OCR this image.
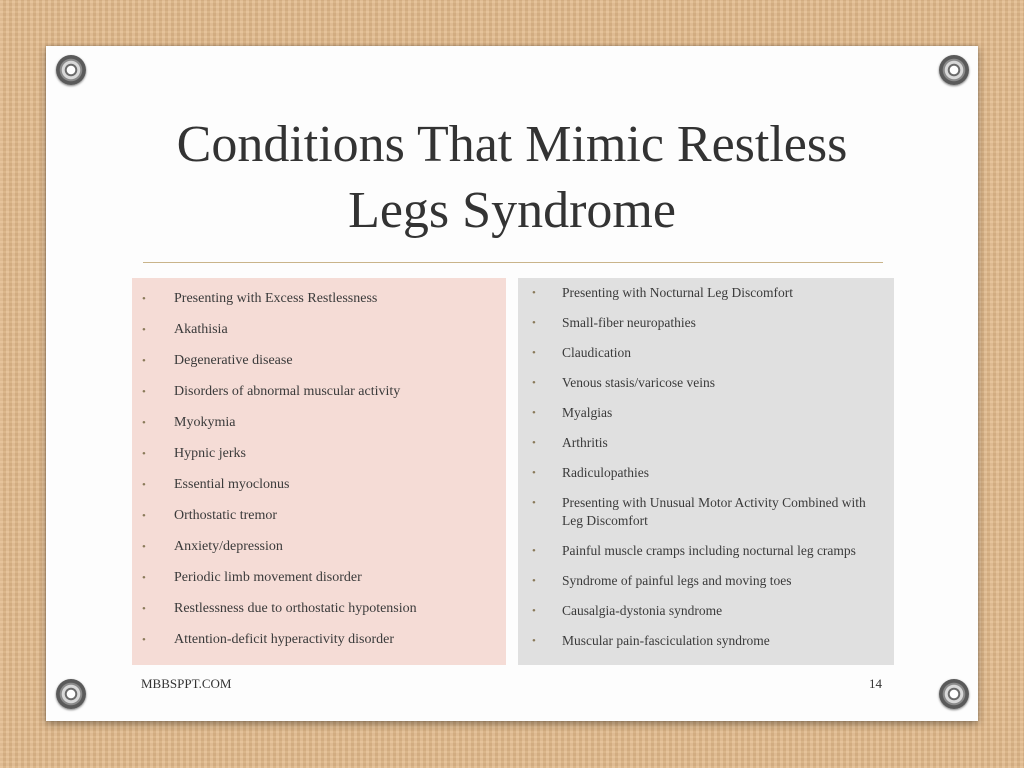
Conditions That Mimic Restless
Legs Syndrome
• Presenting with Excess Restlessness
• Akathisia
• Degenerative disease
• Disorders of abnormal muscular activity
• Myokymia
• Hypnic jerks
• Essential myoclonus
• Orthostatic tremor
• Anxiety/depression
• Periodic limb movement disorder
• Restlessness due to orthostatic hypotension
• Attention-deficit hyperactivity disorder
• Presenting with Nocturnal Leg Discomfort
• Small-fiber neuropathies
• Claudication
• Venous stasis/varicose veins
• Myalgias
• Arthritis
• Radiculopathies
• Presenting with Unusual Motor Activity Combined with Leg Discomfort
• Painful muscle cramps including nocturnal leg cramps
• Syndrome of painful legs and moving toes
• Causalgia-dystonia syndrome
• Muscular pain-fasciculation syndrome
MBBSPPT.COM	14
